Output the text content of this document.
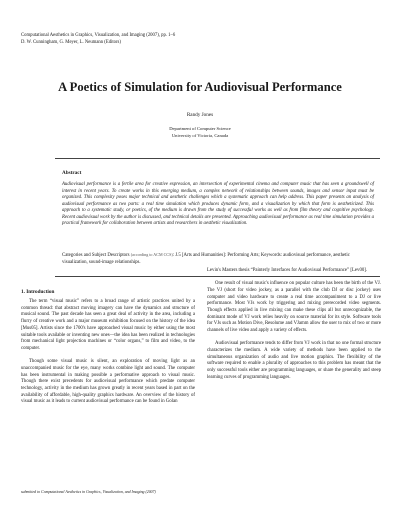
Computational Aesthetics in Graphics, Visualization, and Imaging (2007), pp. 1–6
D. W. Cunningham, G. Meyer, L. Neumann (Editors)
A Poetics of Simulation for Audiovisual Performance
Randy Jones
Department of Computer Science
University of Victoria, Canada
Abstract
Audiovisual performance is a fertile area for creative expression, an intersection of experimental cinema and computer music that has seen a groundswell of interest in recent years. To create works in this emerging medium, a complex network of relationships between sounds, images and sensor input must be organized. This complexity poses major technical and aesthetic challenges which a systematic approach can help address. This paper presents an analysis of audiovisual performance as two parts: a real time simulation which produces dynamic form, and a visualization by which that form is aestheticized. This approach to a systematic study, or poetics, of the medium is drawn from the study of successful works as well as from film theory and cognitive psychology. Recent audiovisual work by the author is discussed, and technical details are presented. Approaching audiovisual performance as real time simulation provides a practical framework for collaboration between artists and researchers in aesthetic visualization.
Categories and Subject Descriptors (according to ACM CCS): J.5 [Arts and Humanities]: Performing Arts; Keywords: audiovisual performance, aesthetic visualization, sound-image relationships.
1. Introduction

The term “visual music” refers to a broad range of artistic practices united by a common thread: that abstract moving imagery can have the dynamics and structure of musical sound. The past decade has seen a great deal of activity in the area, including a flurry of creative work and a major museum exhibition focused on the history of the idea [Mus05]. Artists since the 1700's have approached visual music by either using the most suitable tools available or inventing new ones—the idea has been realized in technologies from mechanical light projection machines or “color organs,” to film and video, to the computer.

Though some visual music is silent, an exploration of moving light as an unaccompanied music for the eye, many works combine light and sound. The computer has been instrumental in making possible a performative approach to visual music. Though there exist precedents for audiovisual performance which predate computer technology, activity in the medium has grown greatly in recent years based in part on the availability of affordable, high-quality graphics hardware. An overview of the history of visual music as it leads to current audiovisual performance can be found in Golan

Levin's Masters thesis “Painterly Interfaces for Audiovisual Performance” [Lev00].

One result of visual music's influence on popular culture has been the birth of the VJ. The VJ (short for video jockey, as a parallel with the club DJ or disc jockey) uses computer and video hardware to create a real time accompaniment to a DJ or live performance. Most VJs work by triggering and mixing prerecorded video segments. Though effects applied in live mixing can make these clips all but unrecognizable, the dominant mode of VJ work relies heavily on source material for its style. Software tools for VJs such as Motion Dive, Resolume and VJamm allow the user to mix of two or more channels of live video and apply a variety of effects.

Audiovisual performance tends to differ from VJ work in that no one formal structure characterizes the medium. A wide variety of methods have been applied to the simultaneous organization of audio and live motion graphics. The flexibility of the software required to enable a plurality of approaches to this problem has meant that the only successful tools either are programming languages, or share the generality and steep learning curves of programming languages.

submitted to Computational Aesthetics in Graphics, Visualization, and Imaging (2007)
